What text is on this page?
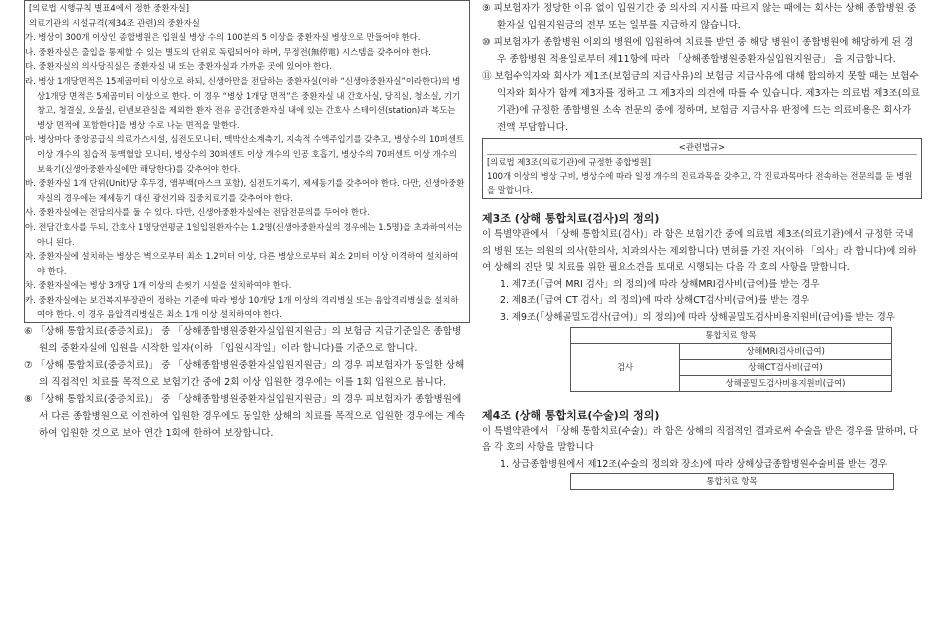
[의료법 시행규칙 별표4에서 정한 중환자실]
의료기관의 시설규격(제34조 관련)의 중환자실
가. 병상이 300개 이상인 종합병원은 입원실 병상 수의 100분의 5 이상을 중환자실 병상으로 만들어야 한다.
나. 중환자실은 출입을 통제할 수 있는 별도의 단위로 독립되어야 하며, 무정전(無停電) 시스템을 갖추어야 한다.
다. 중환자실의 의사당직실은 중환자실 내 또는 중환자실과 가까운 곳에 있어야 한다.
라. 병상 1개당면적은 15제곱미터 이상으로 하되, 신생아만을 전담하는 중환자실(이하 “신생아중환자실”이라한다)의 병상1개당 면적은 5제곱미터 이상으로 한다. 이 경우 “병상 1개당 면적”은 중환자실 내 간호사실, 당직실, 청소실, 기기창고, 청결실, 오물실, 린넨보관실을 제외한 환자 전유 공간[중환자실 내에 있는 간호사 스테이션(station)과 복도는 병상 면적에 포함한다]을 병상 수로 나눈 면적을 말한다.
마. 병상마다 중앙공급식 의료가스시설, 심전도모니터, 맥박산소계측기, 지속적 수액주입기를 갖추고, 병상수의 10퍼센트 이상 개수의 침습적 동맥혈압 모니터, 병상수의 30퍼센트 이상 개수의 인공 호흡기, 병상수의 70퍼센트 이상 개수의 보육기(신생아중환자실에만 해당한다)를 갖추어야 한다.
바. 중환자실 1개 단위(Unit)당 후두경, 앰부백(마스크 포함), 심전도기록기, 제세동기를 갖추어야 한다. 다만, 신생아중환자실의 경우에는 제세동기 대신 광선기와 집중치료기를 갖추어야 한다.
사. 중환자실에는 전담의사를 둘 수 있다. 다만, 신생아중환자실에는 전담전문의를 두어야 한다.
아. 전담간호사를 두되, 간호사 1명당연평균 1일입원환자수는 1.2명(신생아중환자실의 경우에는 1.5명)을 초과하여서는 아니 된다.
자. 중환자실에 설치하는 병상은 벽으로부터 최소 1.2미터 이상, 다른 병상으로부터 최소 2미터 이상 이격하여 설치하여야 한다.
차. 중환자실에는 병상 3개당 1개 이상의 손씻기 시설을 설치하여야 한다.
카. 중환자실에는 보건복지부장관이 정하는 기준에 따라 병상 10개당 1개 이상의 격리병실 또는 음압격리병실을 설치하여야 한다. 이 경우 음압격리병실은 최소 1개 이상 설치하여야 한다.
⑥ 「상해 통합치료(중증치료)」 중 「상해종합병원중환자실입원지원금」의 보험금 지급기준일은 종합병원의 중환자실에 입원을 시작한 일자(이하 「입원시작일」이라 합니다)를 기준으로 합니다.
⑦ 「상해 통합치료(중증치료)」 중 「상해종합병원중환자실입원지원금」의 경우 피보험자가 동일한 상해의 직접적인 치료를 목적으로 보험기간 중에 2회 이상 입원한 경우에는 이를 1회 입원으로 봅니다.
⑧ 「상해 통합치료(중증치료)」 중 「상해종합병원중환자실입원지원금」의 경우 피보험자가 종합병원에서 다른 종합병원으로 이전하여 입원한 경우에도 동일한 상해의 치료를 목적으로 입원한 경우에는 계속하여 입원한 것으로 보아 연간 1회에 한하여 보장합니다.
⑨ 피보험자가 정당한 이유 없이 입원기간 중 의사의 지시를 따르지 않는 때에는 회사는 상해 종합병원 중환자실 입원지원금의 전부 또는 일부를 지급하지 않습니다.
⑩ 피보험자가 종합병원 이외의 병원에 입원하여 치료를 받던 중 해당 병원이 종합병원에 해당하게 된 경우 종합병원 적용일로부터 제11항에 따라 「상해종합병원중환자실입원지원금」 을 지급합니다.
⑪ 보험수익자와 회사가 제1조(보험금의 지급사유)의 보험금 지급사유에 대해 합의하지 못할 때는 보험수익자와 회사가 함께 제3자를 정하고 그 제3자의 의견에 따를 수 있습니다. 제3자는 의료법 제3조(의료기관)에 규정한 종합병원 소속 전문의 중에 정하며, 보험금 지급사유 판정에 드는 의료비용은 회사가 전액 부담합니다.
<관련법규>
[의료법 제3조(의료기관)에 규정한 종합병원]
100개 이상의 병상 구비, 병상수에 따라 일정 개수의 진료과목을 갖추고, 각 진료과목마다 전속하는 전문의를 둔 병원을 말합니다.
제3조 (상해 통합치료(검사)의 정의)
이 특별약관에서 「상해 통합치료(검사)」라 함은 보험기간 중에 의료법 제3조(의료기관)에서 규정한 국내의 병원 또는 의원의 의사(한의사, 치과의사는 제외합니다) 면허를 가진 자(이하 「의사」라 합니다)에 의하여 상해의 진단 및 치료를 위한 필요소견을 토대로 시행되는 다음 각 호의 사항을 말합니다.
1. 제7조(「급여 MRI 검사」의 정의)에 따라 상해MRI검사비(급여)를 받는 경우
2. 제8조(「급여 CT 검사」의 정의)에 따라 상해CT검사비(급여)를 받는 경우
3. 제9조(「상해골밀도검사(급여)」의 정의)에 따라 상해골밀도검사비용지원비(급여)를 받는 경우
통합치료 항목
검사	상해MRI검사비(급여)
상해CT검사비(급여)
상해골밀도검사비용지원비(급여)
제4조 (상해 통합치료(수술)의 정의)
이 특별약관에서 「상해 통합치료(수술)」라 함은 상해의 직접적인 결과로써 수술을 받은 경우를 말하며, 다음 각 호의 사항을 말합니다
1. 상급종합병원에서 제12조(수술의 정의와 장소)에 따라 상해상급종합병원수술비를 받는 경우
통합치료 항목
